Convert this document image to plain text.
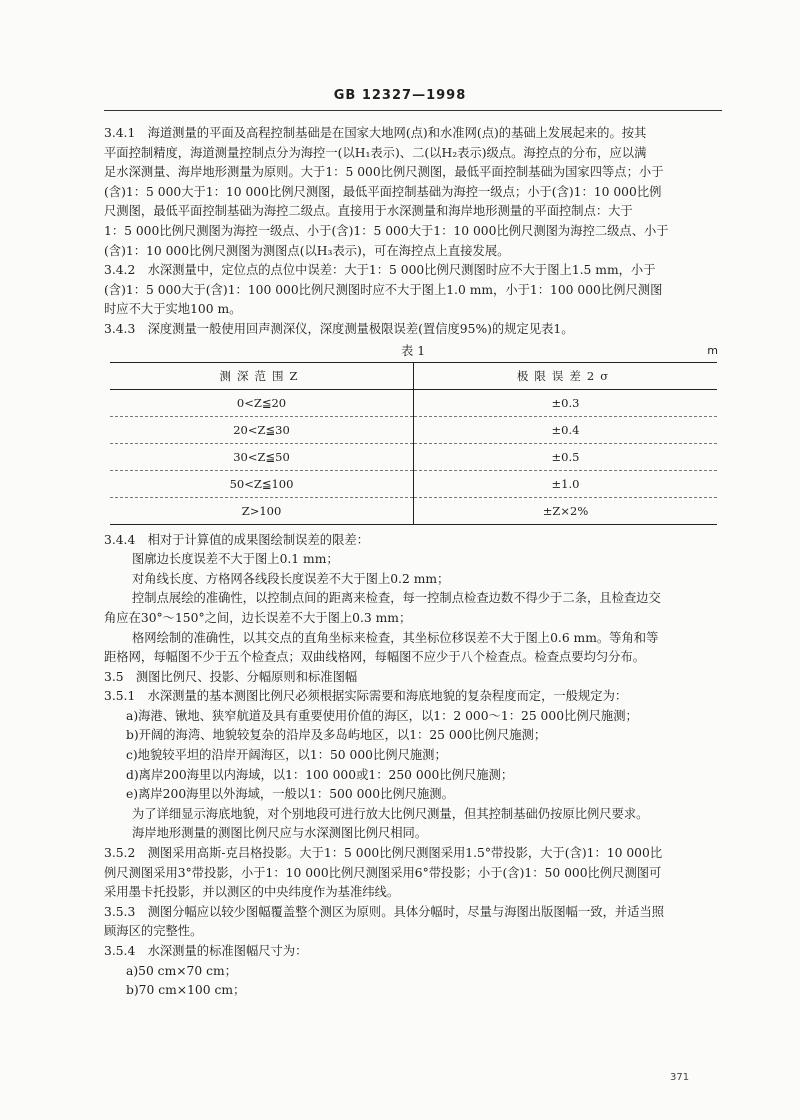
GB 12327—1998
3.4.1　海道测量的平面及高程控制基础是在国家大地网(点)和水准网(点)的基础上发展起来的。按其
平面控制精度，海道测量控制点分为海控一(以H₁表示)、二(以H₂表示)级点。海控点的分布，应以满
足水深测量、海岸地形测量为原则。大于1：5 000比例尺测图，最低平面控制基础为国家四等点；小于
(含)1：5 000大于1：10 000比例尺测图，最低平面控制基础为海控一级点；小于(含)1：10 000比例
尺测图，最低平面控制基础为海控二级点。直接用于水深测量和海岸地形测量的平面控制点：大于
1：5 000比例尺测图为海控一级点、小于(含)1：5 000大于1：10 000比例尺测图为海控二级点、小于
(含)1：10 000比例尺测图为测图点(以H₃表示)，可在海控点上直接发展。
3.4.2　水深测量中，定位点的点位中误差：大于1：5 000比例尺测图时应不大于图上1.5 mm，小于
(含)1：5 000大于(含)1：100 000比例尺测图时应不大于图上1.0 mm，小于1：100 000比例尺测图
时应不大于实地100 m。
3.4.3　深度测量一般使用回声测深仪，深度测量极限误差(置信度95%)的规定见表1。
表 1	m
测深范围Z	极限误差2σ
0<Z≦20	±0.3
20<Z≦30	±0.4
30<Z≦50	±0.5
50<Z≦100	±1.0
Z>100	±Z×2%
3.4.4　相对于计算值的成果图绘制误差的限差：
图廓边长度误差不大于图上0.1 mm；
对角线长度、方格网各线段长度误差不大于图上0.2 mm；
控制点展绘的准确性，以控制点间的距离来检查，每一控制点检查边数不得少于二条，且检查边交
角应在30°～150°之间，边长误差不大于图上0.3 mm；
格网绘制的准确性，以其交点的直角坐标来检查，其坐标位移误差不大于图上0.6 mm。等角和等
距格网，每幅图不少于五个检查点；双曲线格网，每幅图不应少于八个检查点。检查点要均匀分布。
3.5　测图比例尺、投影、分幅原则和标准图幅
3.5.1　水深测量的基本测图比例尺必须根据实际需要和海底地貌的复杂程度而定，一般规定为：
a)海港、锹地、狭窄航道及具有重要使用价值的海区，以1：2 000～1：25 000比例尺施测；
b)开阔的海湾、地貌较复杂的沿岸及多岛屿地区，以1：25 000比例尺施测；
c)地貌较平坦的沿岸开阔海区，以1：50 000比例尺施测；
d)离岸200海里以内海域，以1：100 000或1：250 000比例尺施测；
e)离岸200海里以外海域，一般以1：500 000比例尺施测。
为了详细显示海底地貌，对个别地段可进行放大比例尺测量，但其控制基础仍按原比例尺要求。
海岸地形测量的测图比例尺应与水深测图比例尺相同。
3.5.2　测图采用高斯-克吕格投影。大于1：5 000比例尺测图采用1.5°带投影，大于(含)1：10 000比
例尺测图采用3°带投影，小于1：10 000比例尺测图采用6°带投影；小于(含)1：50 000比例尺测图可
采用墨卡托投影，并以测区的中央纬度作为基准纬线。
3.5.3　测图分幅应以较少图幅覆盖整个测区为原则。具体分幅时，尽量与海图出版图幅一致，并适当照
顾海区的完整性。
3.5.4　水深测量的标准图幅尺寸为：
a)50 cm×70 cm；
b)70 cm×100 cm；
371
